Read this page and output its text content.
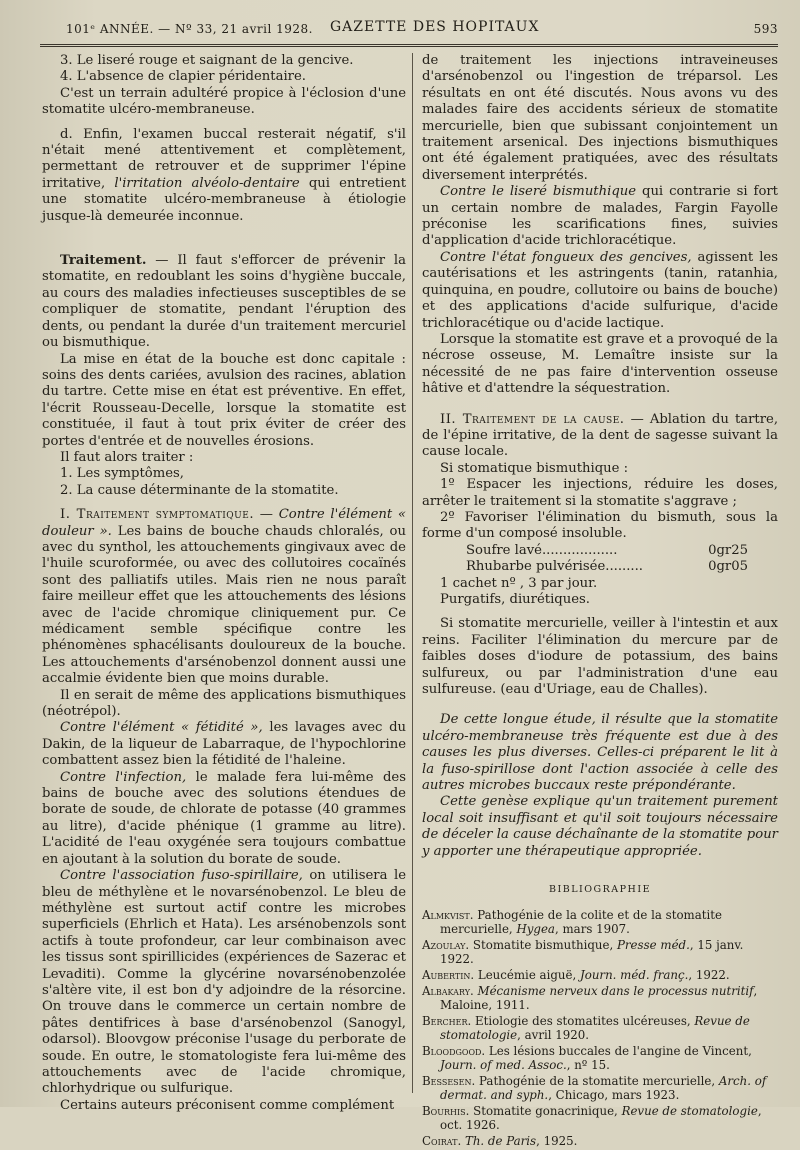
101ᵉ ANNÉE. — Nº 33, 21 avril 1928. GAZETTE DES HOPITAUX	593

3. Le liseré rouge et saignant de la gencive.

4. L'absence de clapier péridentaire.

C'est un terrain adultéré propice à l'éclosion d'une stomatite ulcéro-membraneuse.

d. Enfin, l'examen buccal resterait négatif, s'il n'était mené attentivement et complètement, permettant de retrouver et de supprimer l'épine irritative, l'irritation alvéolo-dentaire qui entretient une stomatite ulcéro-membraneuse à étiologie jusque-là demeurée inconnue.

Traitement. — Il faut s'efforcer de prévenir la stomatite, en redoublant les soins d'hygiène buccale, au cours des maladies infectieuses susceptibles de se compliquer de stomatite, pendant l'éruption des dents, ou pendant la durée d'un traitement mercuriel ou bismuthique.

La mise en état de la bouche est donc capitale : soins des dents cariées, avulsion des racines, ablation du tartre. Cette mise en état est préventive. En effet, l'écrit Rousseau-Decelle, lorsque la stomatite est constituée, il faut à tout prix éviter de créer des portes d'entrée et de nouvelles érosions.

Il faut alors traiter :

1. Les symptômes,

2. La cause déterminante de la stomatite.

I. Traitement symptomatique. — Contre l'élément « douleur ». Les bains de bouche chauds chloralés, ou avec du synthol, les attouchements gingivaux avec de l'huile scuroformée, ou avec des collutoires cocaïnés sont des palliatifs utiles. Mais rien ne nous paraît faire meilleur effet que les attouchements des lésions avec de l'acide chromique cliniquement pur. Ce médicament semble spécifique contre les phénomènes sphacélisants douloureux de la bouche. Les attouchements d'arsénobenzol donnent aussi une accalmie évidente bien que moins durable.

Il en serait de même des applications bismuthiques (néotrépol).

Contre l'élément « fétidité », les lavages avec du Dakin, de la liqueur de Labarraque, de l'hypochlorine combattent assez bien la fétidité de l'haleine.

Contre l'infection, le malade fera lui-même des bains de bouche avec des solutions étendues de borate de soude, de chlorate de potasse (40 grammes au litre), d'acide phénique (1 gramme au litre). L'acidité de l'eau oxygénée sera toujours combattue en ajoutant à la solution du borate de soude.

Contre l'association fuso-spirillaire, on utilisera le bleu de méthylène et le novarsénobenzol. Le bleu de méthylène est surtout actif contre les microbes superficiels (Ehrlich et Hata). Les arsénobenzols sont actifs à toute profondeur, car leur combinaison avec les tissus sont spirillicides (expériences de Sazerac et Levaditi). Comme la glycérine novarsénobenzolée s'altère vite, il est bon d'y adjoindre de la résorcine. On trouve dans le commerce un certain nombre de pâtes dentifrices à base d'arsénobenzol (Sanogyl, odarsol). Bloovgow préconise l'usage du perborate de soude. En outre, le stomatologiste fera lui-même des attouchements avec de l'acide chromique, chlorhydrique ou sulfurique.

Certains auteurs préconisent comme complément

de traitement les injections intraveineuses d'arsénobenzol ou l'ingestion de tréparsol. Les résultats en ont été discutés. Nous avons vu des malades faire des accidents sérieux de stomatite mercurielle, bien que subissant conjointement un traitement arsenical. Des injections bismuthiques ont été également pratiquées, avec des résultats diversement interprétés.

Contre le liseré bismuthique qui contrarie si fort un certain nombre de malades, Fargin Fayolle préconise les scarifications fines, suivies d'application d'acide trichloracétique.

Contre l'état fongueux des gencives, agissent les cautérisations et les astringents (tanin, ratanhia, quinquina, en poudre, collutoire ou bains de bouche) et des applications d'acide sulfurique, d'acide trichloracétique ou d'acide lactique.

Lorsque la stomatite est grave et a provoqué de la nécrose osseuse, M. Lemaître insiste sur la nécessité de ne pas faire d'intervention osseuse hâtive et d'attendre la séquestration.

II. Traitement de la cause. — Ablation du tartre, de l'épine irritative, de la dent de sagesse suivant la cause locale.

Si stomatique bismuthique :

1º Espacer les injections, réduire les doses, arrêter le traitement si la stomatite s'aggrave ;

2º Favoriser l'élimination du bismuth, sous la forme d'un composé insoluble.

Soufre lavé..................	0gr25
Rhubarbe pulvérisée.........	0gr05

1 cachet nº , 3 par jour.

Purgatifs, diurétiques.

Si stomatite mercurielle, veiller à l'intestin et aux reins. Faciliter l'élimination du mercure par de faibles doses d'iodure de potassium, des bains sulfureux, ou par l'administration d'une eau sulfureuse. (eau d'Uriage, eau de Challes).

De cette longue étude, il résulte que la stomatite ulcéro-membraneuse très fréquente est due à des causes les plus diverses. Celles-ci préparent le lit à la fuso-spirillose dont l'action associée à celle des autres microbes buccaux reste prépondérante.

Cette genèse explique qu'un traitement purement local soit insuffisant et qu'il soit toujours nécessaire de déceler la cause déchaînante de la stomatite pour y apporter une thérapeutique appropriée.

BIBLIOGRAPHIE

Almkvist. Pathogénie de la colite et de la stomatite mercurielle, Hygea, mars 1907.

Azoulay. Stomatite bismuthique, Presse méd., 15 janv. 1922.

Aubertin. Leucémie aiguë, Journ. méd. franç., 1922.

Albakary. Mécanisme nerveux dans le processus nutritif, Maloine, 1911.

Bercher. Etiologie des stomatites ulcéreuses, Revue de stomatologie, avril 1920.

Bloodgood. Les lésions buccales de l'angine de Vincent, Journ. of med. Assoc., nº 15.

Bessesen. Pathogénie de la stomatite mercurielle, Arch. of dermat. and syph., Chicago, mars 1923.

Bourhis. Stomatite gonacrinique, Revue de stomatologie, oct. 1926.

Coirat. Th. de Paris, 1925.
